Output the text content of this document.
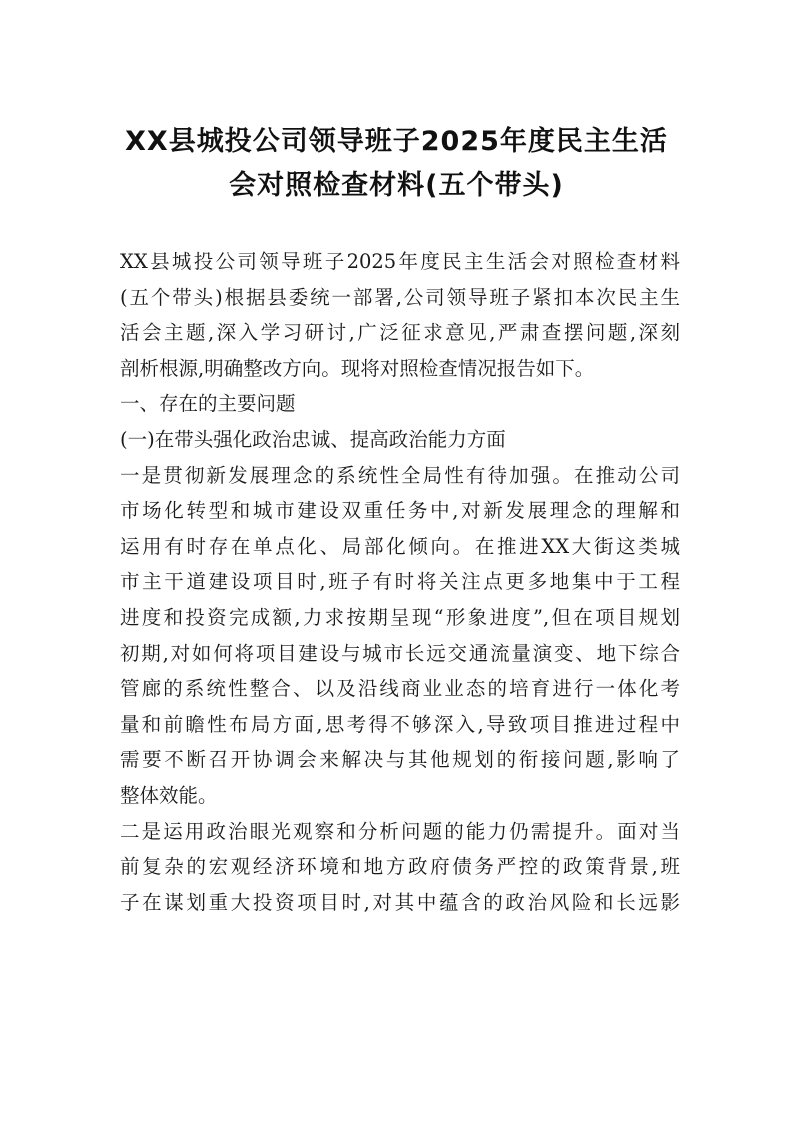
XX县城投公司领导班子2025年度民主生活
会对照检查材料(五个带头)
XX县城投公司领导班子2025年度民主生活会对照检查材料
(五个带头)根据县委统一部署,公司领导班子紧扣本次民主生
活会主题,深入学习研讨,广泛征求意见,严肃查摆问题,深刻
剖析根源,明确整改方向。现将对照检查情况报告如下。
一、存在的主要问题
(一)在带头强化政治忠诚、提高政治能力方面
一是贯彻新发展理念的系统性全局性有待加强。在推动公司
市场化转型和城市建设双重任务中,对新发展理念的理解和
运用有时存在单点化、局部化倾向。在推进XX大街这类城
市主干道建设项目时,班子有时将关注点更多地集中于工程
进度和投资完成额,力求按期呈现“形象进度”,但在项目规划
初期,对如何将项目建设与城市长远交通流量演变、地下综合
管廊的系统性整合、以及沿线商业业态的培育进行一体化考
量和前瞻性布局方面,思考得不够深入,导致项目推进过程中
需要不断召开协调会来解决与其他规划的衔接问题,影响了
整体效能。
二是运用政治眼光观察和分析问题的能力仍需提升。面对当
前复杂的宏观经济环境和地方政府债务严控的政策背景,班
子在谋划重大投资项目时,对其中蕴含的政治风险和长远影
